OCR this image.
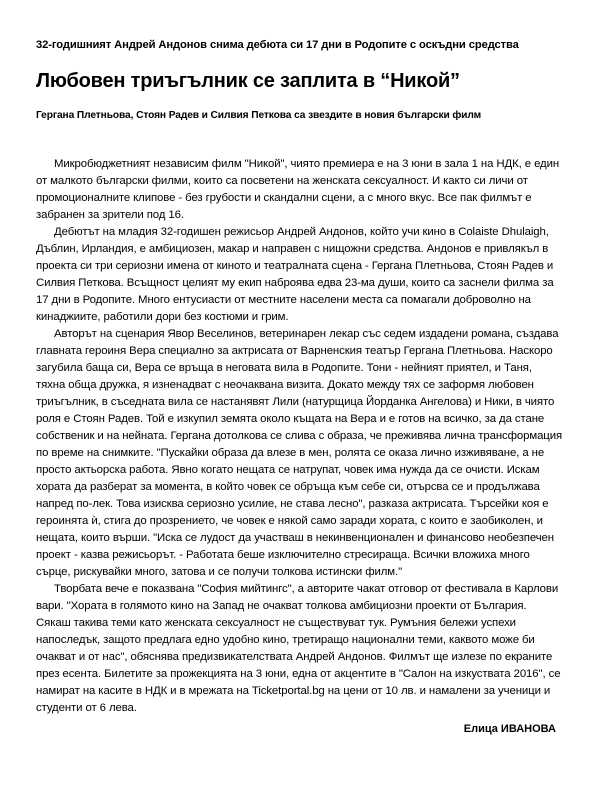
32-годишният Андрей Андонов снима дебюта си 17 дни в Родопите с оскъдни средства
Любовен триъгълник се заплита в “Никой”
Гергана Плетньова, Стоян Радев и Силвия Петкова са звездите в новия български филм

Микробюджетният независим филм "Никой", чиято премиера е на 3 юни в зала 1 на НДК, е един от малкото български филми, които са посветени на женската сексуалност. И както си личи от промоционалните клипове - без грубости и скандални сцени, а с много вкус. Все пак филмът е забранен за зрители под 16.

Дебютът на младия 32-годишен режисьор Андрей Андонов, който учи кино в Colaiste Dhulaigh, Дъблин, Ирландия, е амбициозен, макар и направен с нищожни средства. Андонов е привлякъл в проекта си три сериозни имена от киното и театралната сцена - Гергана Плетньова, Стоян Радев и Силвия Петкова. Всъщност целият му екип наброява едва 23-ма души, които са заснели филма за 17 дни в Родопите. Много ентусиасти от местните населени места са помагали доброволно на кинаджиите, работили дори без костюми и грим.

Авторът на сценария Явор Веселинов, ветеринарен лекар със седем издадени романа, създава главната героиня Вера специално за актрисата от Варненския театър Гергана Плетньова. Наскоро загубила баща си, Вера се връща в неговата вила в Родопите. Тони - нейният приятел, и Таня, тяхна обща дружка, я изненадват с неочаквана визита. Докато между тях се заформя любовен триъгълник, в съседната вила се настанявят Лили (натурщица Йорданка Ангелова) и Ники, в чиято роля е Стоян Радев. Той е изкупил земята около къщата на Вера и е готов на всичко, за да стане собственик и на нейната. Гергана дотолкова се слива с образа, че преживява лична трансформация по време на снимките. "Пускайки образа да влезе в мен, ролята се оказа лично изживяване, а не просто актьорска работа. Явно когато нещата се натрупат, човек има нужда да се очисти. Искам хората да разберат за момента, в който човек се обръща към себе си, отърсва се и продължава напред по-лек. Това изисква сериозно усилие, не става лесно", разказа актрисата. Търсейки коя е героинята ѝ, стига до прозрението, че човек е някой само заради хората, с които е заобиколен, и нещата, които върши. "Иска се лудост да участваш в некинвенционален и финансово необезпечен проект - казва режисьорът. - Работата беше изключително стресираща. Всички вложиха много сърце, рискувайки много, затова и се получи толкова истински филм."

Творбата вече е показвана "София мийтингс", а авторите чакат отговор от фестивала в Карлови вари. "Хората в голямото кино на Запад не очакват толкова амбициозни проекти от България. Сякаш такива теми като женската сексуалност не съществуват тук. Румъния бележи успехи напоследък, защото предлага едно удобно кино, третиращо национални теми, каквото може би очакват и от нас", обяснява предизвикателствата Андрей Андонов. Филмът ще излезе по екраните през есента. Билетите за прожекцията на 3 юни, една от акцентите в "Салон на изкуствата 2016", се намират на касите в НДК и в мрежата на Ticketportal.bg на цени от 10 лв. и намалени за ученици и студенти от 6 лева.

Елица ИВАНОВА
